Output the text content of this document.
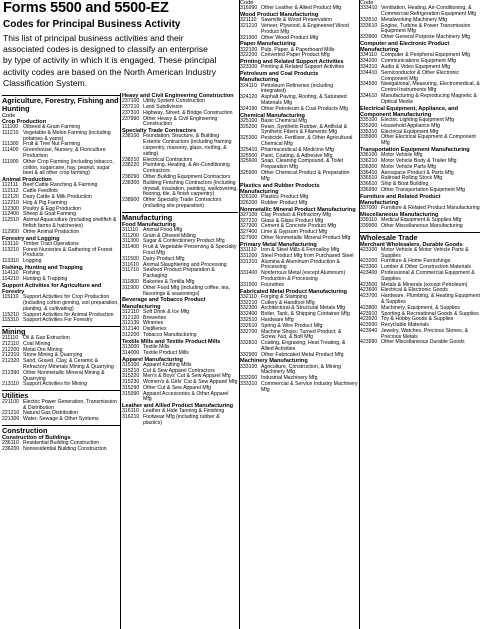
Forms 5500 and 5500-EZ
Codes for Principal Business Activity
This list of principal business activities and their associated codes is designed to classify an enterprise by type of activity in which it is engaged. These principal activity codes are based on the North American Industry Classification System.
Agriculture, Forestry, Fishing and Hunting
Code
Crop Production
111100 Oilseed & Grain Farming
111210 Vegetable & Melon Farming (including potatoes & yams)
111300 Fruit & Tree Nut Farming
111400 Greenhouse, Nursery, & Floriculture Production
111900 Other Crop Farming (including tobacco, cotton, sugarcane, hay, peanut, sugar beet & all other crop farming)
Animal Production
112111 Beef Cattle Ranching & Farming
112112 Cattle Feedlots
112120 Dairy Cattle & Milk Production
112210 Hog & Pig Farming
112300 Poultry & Egg Production
112400 Sheep & Goat Farming
112510 Animal Aquaculture (including shellfish & finfish farms & hatcheries)
112900 Other Animal Production
Forestry and Logging
113110 Timber Tract Operations
113210 Forest Nurseries & Gathering of Forest Products
113310 Logging
Fishing, Hunting and Trapping
114110 Fishing
114210 Hunting & Trapping
Support Activities for Agriculture and Forestry
115110 Support Activities for Crop Production (including cotton ginning, soil preparation, planting, & cultivating)
115210 Support Activities for Animal Production
115310 Support Activities For Forestry
Mining
211110 Oil & Gas Extraction
212110 Coal Mining
212200 Metal Ore Mining
212310 Stone Mining & Quarrying
212320 Sand, Gravel, Clay, & Ceramic & Refractory Minerals Mining & Quarrying
212390 Other Nonmetallic Mineral Mining & Quarrying
213110 Support Activities for Mining
Utilities
221100 Electric Power Generation, Transmission & Distribution
221210 Natural Gas Distribution
221300 Water, Sewage & Other Systems
Construction
Construction of Buildings
236110 Residential Building Construction
236200 Nonresidential Building Construction
Heavy and Civil Engineering Construction
237100 Utility System Construction
237210 Land Subdivision
237310 Highway, Street, & Bridge Construction
237990 Other Heavy & Civil Engineering Construction
Specialty Trade Contractors
238100 Foundation, Structure, & Building Exterior Contractors (including framing carpentry, masonry, glass, roofing, & siding)
238210 Electrical Contractors
238220 Plumbing, Heating, & Air-Conditioning Contractors
238290 Other Building Equipment Contractors
238300 Building Finishing Contractors (including drywall, insulation, painting, wallcovering, flooring, tile, & finish carpentry)
238900 Other Specialty Trade Contractors (including site preparation)
Manufacturing
Food Manufacturing
311110 Animal Food Mfg
311200 Grain & Oilseed Milling
311300 Sugar & Confectionery Product Mfg
311400 Fruit & Vegetable Preserving & Specialty Food Mfg
311500 Dairy Product Mfg
311610 Animal Slaughtering and Processing
311710 Seafood Product Preparation & Packaging
311800 Bakeries & Tortilla Mfg
311900 Other Food Mfg (including coffee, tea, flavorings & seasonings)
Beverage and Tobacco Product Manufacturing
312110 Soft Drink & Ice Mfg
312120 Breweries
312130 Wineries
312140 Distilleries
312200 Tobacco Manufacturing
Textile Mills and Textile Product Mills
313000 Textile Mills
314000 Textile Product Mills
Apparel Manufacturing
315100 Apparel Knitting Mills
315210 Cut & Sew Apparel Contractors
315220 Men's & Boys' Cut & Sew Apparel Mfg
315230 Women's & Girls' Cut & Sew Apparel Mfg
315290 Other Cut & Sew Apparel Mfg
315990 Apparel Accessories & Other Apparel Mfg
Leather and Allied Product Manufacturing
316110 Leather & Hide Tanning & Finishing
316210 Footwear Mfg (including rubber & plastics)
Code
316990 Other Leather & Allied Product Mfg
Wood Product Manufacturing
321110 Sawmills & Wood Preservation
321210 Veneer, Plywood, & Engineered Wood Product Mfg
321900 Other Wood Product Mfg
Paper Manufacturing
322100 Pulp, Paper, & Paperboard Mills
322200 Converted Paper Product Mfg
Printing and Related Support Activities
323100 Printing & Related Support Activities
Petroleum and Coal Products Manufacturing
324110 Petroleum Refineries (including integrated)
324120 Asphalt Paving, Roofing, & Saturated Materials Mfg
324190 Other Petroleum & Coal Products Mfg
Chemical Manufacturing
325100 Basic Chemical Mfg
325200 Resin, Synthetic Rubber, & Artificial & Synthetic Fibers & Filaments Mfg
325300 Pesticide, Fertilizer, & Other Agricultural Chemical Mfg
325410 Pharmaceutical & Medicine Mfg
325500 Paint, Coating, & Adhesive Mfg
325600 Soap, Cleaning Compound, & Toilet Preparation Mfg
325900 Other Chemical Product & Preparation Mfg
Plastics and Rubber Products Manufacturing
326100 Plastics Product Mfg
326200 Rubber Product Mfg
Nonmetallic Mineral Product Manufacturing
327100 Clay Product & Refractory Mfg
327210 Glass & Glass Product Mfg
327300 Cement & Concrete Product Mfg
327400 Lime & Gypsum Product Mfg
327900 Other Nonmetallic Mineral Product Mfg
Primary Metal Manufacturing
331110 Iron & Steel Mills & Ferroalloy Mfg
331200 Steel Product Mfg from Purchased Steel
331310 Alumina & Aluminum Production & Processing
331400 Nonferrous Metal (except Aluminum) Production & Processing
331500 Foundries
Fabricated Metal Product Manufacturing
332110 Forging & Stamping
332210 Cutlery & Handtool Mfg
332300 Architectural & Structural Metals Mfg
332400 Boiler, Tank, & Shipping Container Mfg
332510 Hardware Mfg
332610 Spring & Wire Product Mfg
332700 Machine Shops; Turned Product; & Screw, Nut, & Bolt Mfg
332810 Coating, Engraving, Heat Treating, & Allied Activities
332900 Other Fabricated Metal Product Mfg
Machinery Manufacturing
333100 Agriculture, Construction, & Mining Machinery Mfg
333200 Industrial Machinery Mfg
333310 Commercial & Service Industry Machinery Mfg
Code
333410 Ventilation, Heating, Air-Conditioning, & Commercial Refrigeration Equipment Mfg
333510 Metalworking Machinery Mfg
333610 Engine, Turbine & Power Transmission Equipment Mfg
333900 Other General Purpose Machinery Mfg
Computer and Electronic Product Manufacturing
334110 Computer & Peripheral Equipment Mfg
334200 Communications Equipment Mfg
334310 Audio & Video Equipment Mfg
334410 Semiconductor & Other Electronic Component Mfg
334500 Navigational, Measuring, Electromedical, & Control Instruments Mfg
334610 Manufacturing & Reproducing Magnetic & Optical Media
Electrical Equipment, Appliance, and Component Manufacturing
335100 Electric Lighting Equipment Mfg
335200 Household Appliance Mfg
335310 Electrical Equipment Mfg
335900 Other Electrical Equipment & Component Mfg
Transportation Equipment Manufacturing
336100 Motor Vehicle Mfg
336210 Motor Vehicle Body & Trailer Mfg
336300 Motor Vehicle Parts Mfg
336410 Aerospace Product & Parts Mfg
336510 Railroad Rolling Stock Mfg
336610 Ship & Boat Building
336990 Other Transportation Equipment Mfg
Furniture and Related Product Manufacturing
337000 Furniture & Related Product Manufacturing
Miscellaneous Manufacturing
339110 Medical Equipment & Supplies Mfg
339900 Other Miscellaneous Manufacturing
Wholesale Trade
Merchant Wholesalers, Durable Goods
423100 Motor Vehicle & Motor Vehicle Parts & Supplies
423200 Furniture & Home Furnishings
423300 Lumber & Other Construction Materials
423400 Professional & Commercial Equipment & Supplies
423500 Metals & Minerals (except Petroleum)
423600 Electrical & Electronic Goods
423700 Hardware, Plumbing, & Heating Equipment & Supplies
423800 Machinery, Equipment, & Supplies
423910 Sporting & Recreational Goods & Supplies
423920 Toy & Hobby Goods & Supplies
423930 Recyclable Materials
423940 Jewelry, Watches, Precious Stones, & Precious Metals
423990 Other Miscellaneous Durable Goods
